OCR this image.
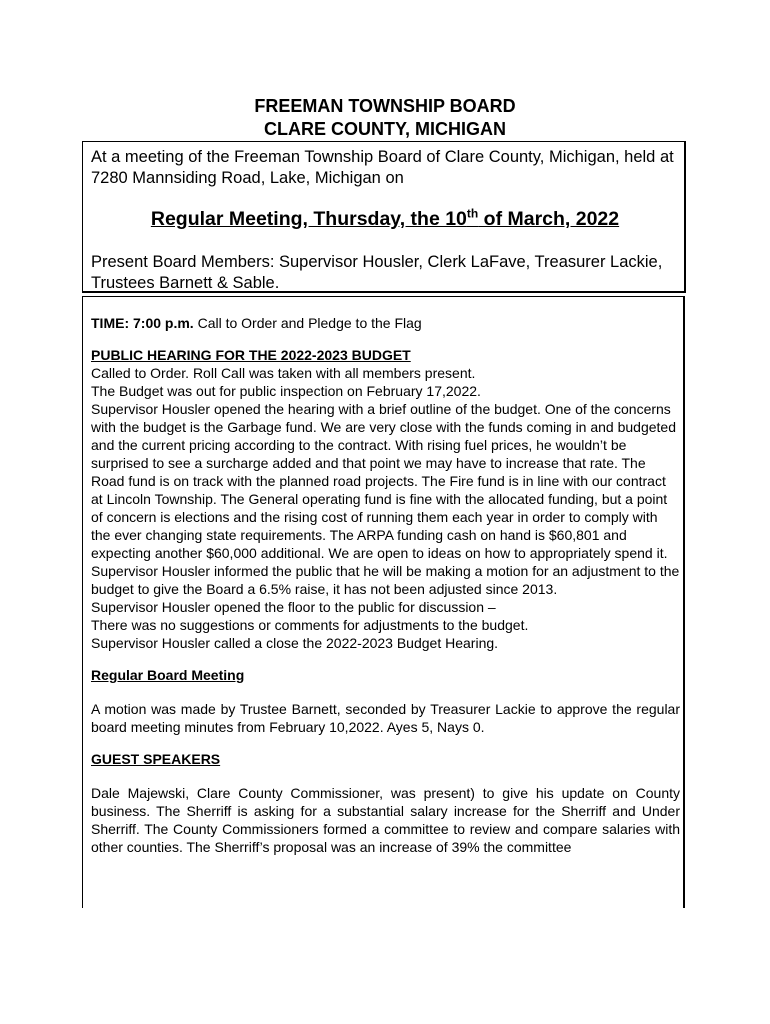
FREEMAN TOWNSHIP BOARD
CLARE COUNTY, MICHIGAN
At a meeting of the Freeman Township Board of Clare County, Michigan, held at 7280 Mannsiding Road, Lake, Michigan on
Regular Meeting, Thursday, the 10th of March, 2022
Present Board Members: Supervisor Housler, Clerk LaFave, Treasurer Lackie, Trustees Barnett & Sable.

TIME: 7:00 p.m. Call to Order and Pledge to the Flag

PUBLIC HEARING FOR THE 2022-2023 BUDGET

Called to Order. Roll Call was taken with all members present.

The Budget was out for public inspection on February 17,2022.

Supervisor Housler opened the hearing with a brief outline of the budget. One of the concerns with the budget is the Garbage fund. We are very close with the funds coming in and budgeted and the current pricing according to the contract. With rising fuel prices, he wouldn’t be surprised to see a surcharge added and that point we may have to increase that rate. The Road fund is on track with the planned road projects. The Fire fund is in line with our contract at Lincoln Township. The General operating fund is fine with the allocated funding, but a point of concern is elections and the rising cost of running them each year in order to comply with the ever changing state requirements. The ARPA funding cash on hand is $60,801 and expecting another $60,000 additional. We are open to ideas on how to appropriately spend it.

Supervisor Housler informed the public that he will be making a motion for an adjustment to the budget to give the Board a 6.5% raise, it has not been adjusted since 2013.

Supervisor Housler opened the floor to the public for discussion –

There was no suggestions or comments for adjustments to the budget.

Supervisor Housler called a close the 2022-2023 Budget Hearing.

Regular Board Meeting

A motion was made by Trustee Barnett, seconded by Treasurer Lackie to approve the regular board meeting minutes from February 10,2022. Ayes 5, Nays 0.

GUEST SPEAKERS

Dale Majewski, Clare County Commissioner, was present) to give his update on County business. The Sherriff is asking for a substantial salary increase for the Sherriff and Under Sherriff. The County Commissioners formed a committee to review and compare salaries with other counties. The Sherriff’s proposal was an increase of 39% the committee
